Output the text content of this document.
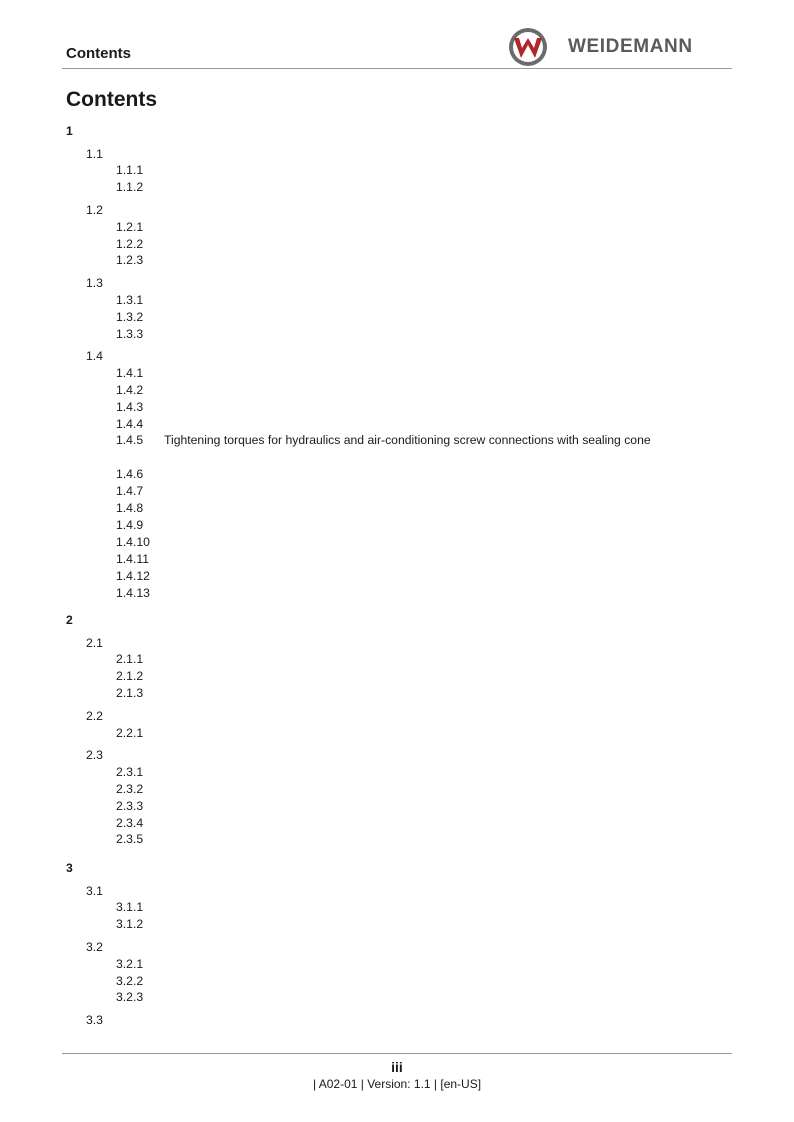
Contents	WEIDEMANN
Contents
1
1.1
1.1.1
1.1.2
1.2
1.2.1
1.2.2
1.2.3
1.3
1.3.1
1.3.2
1.3.3
1.4
1.4.1
1.4.2
1.4.3
1.4.4
1.4.5 Tightening torques for hydraulics and air-conditioning screw connections with sealing cone
1.4.6
1.4.7
1.4.8
1.4.9
1.4.10
1.4.11
1.4.12
1.4.13
2
2.1
2.1.1
2.1.2
2.1.3
2.2
2.2.1
2.3
2.3.1
2.3.2
2.3.3
2.3.4
2.3.5
3
3.1
3.1.1
3.1.2
3.2
3.2.1
3.2.2
3.2.3
3.3
iii
| A02-01 | Version: 1.1 | [en-US]
